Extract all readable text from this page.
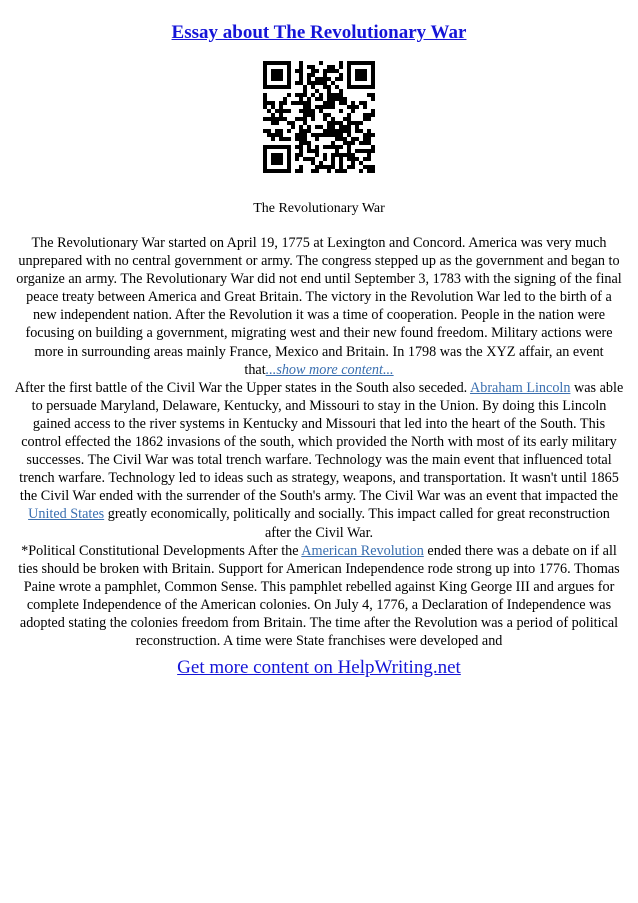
Essay about The Revolutionary War
The Revolutionary War

The Revolutionary War started on April 19, 1775 at Lexington and Concord. America was very much unprepared with no central government or army. The congress stepped up as the government and began to organize an army. The Revolutionary War did not end until September 3, 1783 with the signing of the final peace treaty between America and Great Britain. The victory in the Revolution War led to the birth of a new independent nation. After the Revolution it was a time of cooperation. People in the nation were focusing on building a government, migrating west and their new found freedom. Military actions were more in surrounding areas mainly France, Mexico and Britain. In 1798 was the XYZ affair, an event that...show more content...

After the first battle of the Civil War the Upper states in the South also seceded. Abraham Lincoln was able to persuade Maryland, Delaware, Kentucky, and Missouri to stay in the Union. By doing this Lincoln gained access to the river systems in Kentucky and Missouri that led into the heart of the South. This control effected the 1862 invasions of the south, which provided the North with most of its early military successes. The Civil War was total trench warfare. Technology was the main event that influenced total trench warfare. Technology led to ideas such as strategy, weapons, and transportation. It wasn't until 1865 the Civil War ended with the surrender of the South's army. The Civil War was an event that impacted the United States greatly economically, politically and socially. This impact called for great reconstruction after the Civil War.

*Political Constitutional Developments After the American Revolution ended there was a debate on if all ties should be broken with Britain. Support for American Independence rode strong up into 1776. Thomas Paine wrote a pamphlet, Common Sense. This pamphlet rebelled against King George III and argues for complete Independence of the American colonies. On July 4, 1776, a Declaration of Independence was adopted stating the colonies freedom from Britain. The time after the Revolution was a period of political reconstruction. A time were State franchises were developed and

Get more content on HelpWriting.net
